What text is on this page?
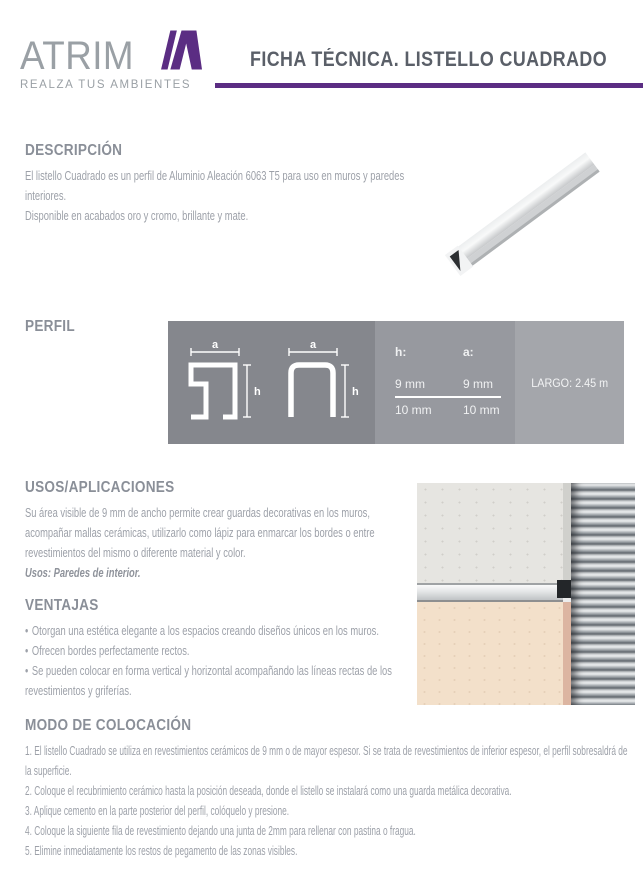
ATRIM
REALZA TUS AMBIENTES
FICHA TÉCNICA. LISTELLO CUADRADO
DESCRIPCIÓN

El listello Cuadrado es un perfil de Aluminio Aleación 6063 T5 para uso en muros y paredes interiores.

Disponible en acabados oro y cromo, brillante y mate.

PERFIL
a
h
a
h
h:	a:
9 mm	9 mm
10 mm	10 mm
LARGO: 2.45 m
USOS/APLICACIONES

Su área visible de 9 mm de ancho permite crear guardas decorativas en los muros, acompañar mallas cerámicas, utilizarlo como lápiz para enmarcar los bordes o entre revestimientos del mismo o diferente material y color.

Usos: Paredes de interior.

VENTAJAS

• Otorgan una estética elegante a los espacios creando diseños únicos en los muros.

• Ofrecen bordes perfectamente rectos.

• Se pueden colocar en forma vertical y horizontal acompañando las líneas rectas de los revestimientos y griferías.

MODO DE COLOCACIÓN

1. El listello Cuadrado se utiliza en revestimientos cerámicos de 9 mm o de mayor espesor. Si se trata de revestimientos de inferior espesor, el perfil sobresaldrá de la superficie.

2. Coloque el recubrimiento cerámico hasta la posición deseada, donde el listello se instalará como una guarda metálica decorativa.

3. Aplique cemento en la parte posterior del perfil, colóquelo y presione.

4. Coloque la siguiente fila de revestimiento dejando una junta de 2mm para rellenar con pastina o fragua.

5. Elimine inmediatamente los restos de pegamento de las zonas visibles.
